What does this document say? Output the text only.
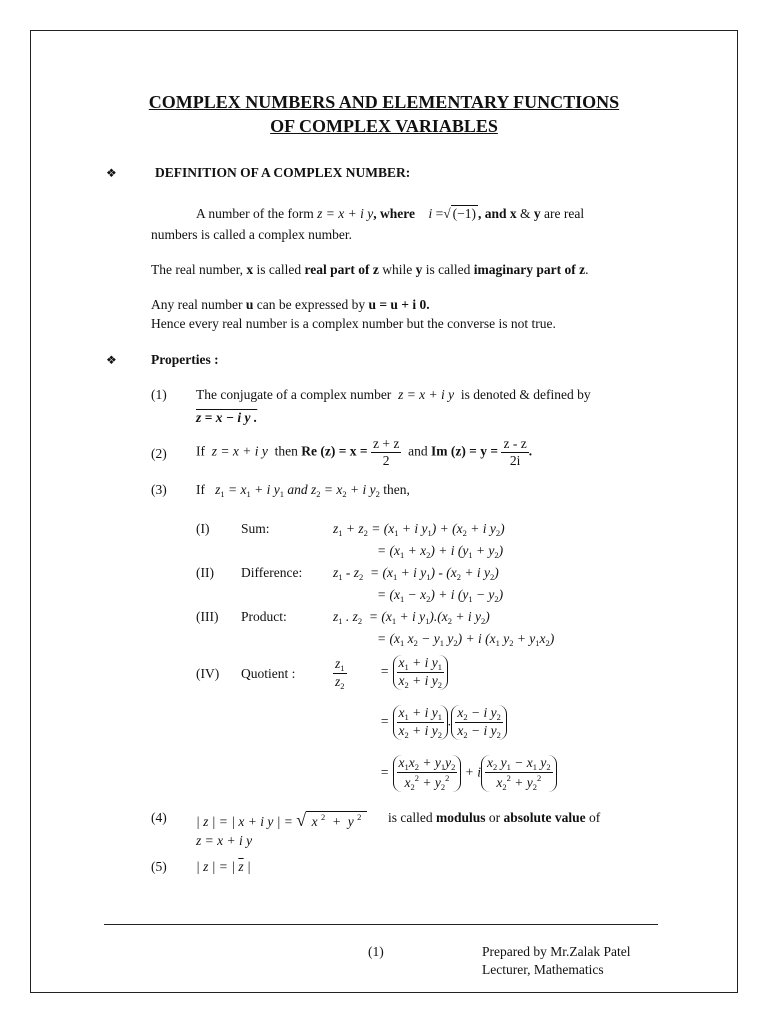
COMPLEX NUMBERS AND ELEMENTARY FUNCTIONS
OF COMPLEX VARIABLES
❖	DEFINITION OF A COMPLEX NUMBER:
A number of the form z = x + i y, where i =√ (−1) , and x & y are real
numbers is called a complex number.
The real number, x is called real part of z while y is called imaginary part of z.
Any real number u can be expressed by u = u + i 0.
Hence every real number is a complex number but the converse is not true.
❖	Properties :
(1) The conjugate of a complex number z = x + i y is denoted & defined by
z = x − i y .
(2) If z = x + i y then Re $(z) = x = \frac{z + z}{2}$ and Im $(z) = y = \frac{z - z}{2i}$ .
(3) If $z_1 = x_1 + i$ $y_1$ and $z_2 = x_2 + i$ $y_2$ then,
(I) Sum:	$z_1 + z_2 = (x_1 + i$ $y_1) + (x_2 + i$ $y_2$)
= $(x_1 + x_2) + i$ $(y_1 + y_2)$
(II) Difference: $z_1 - z_2 = (x_1 + i$ $y_1) - (x_2 + i$ $y_2$)
= $(x_1 - x_2) + i$ $(y_1 - y_2)$
(III) Product:	$z_1$ . $z_2 = (x_1 + i$ $y_1).(x_2 + i$ $y_2$)
= ($x_1$ $x_2 - y_1$ $y_2) + i$ ($x_1$ $y_2 + y_1x_2$)
(IV) Quotient :	$\frac{z_1}{z_2} = \frac{x_1 + i y_1}{x_2 + i y_2}$
= $\frac{x_1 + i y_1}{x_2 + i y_2}$ . $\frac{x_2 - i y_2}{x_2 - i y_2}$
= $\frac{x_1x_2 + y_1y_2}{x_2^2 + y_2^2} + i \frac{x_2 y_1 - x_1 y_2}{x_2^2 + y_2^2}$
(4) | z | = | x + i y | = √ x $^2$  +  y $^2$	is called modulus or absolute value of
z = x + i y
(5) | z | = | $\overline{z}$ |
(1)	Prepared by Mr.Zalak Patel
Lecturer, Mathematics
